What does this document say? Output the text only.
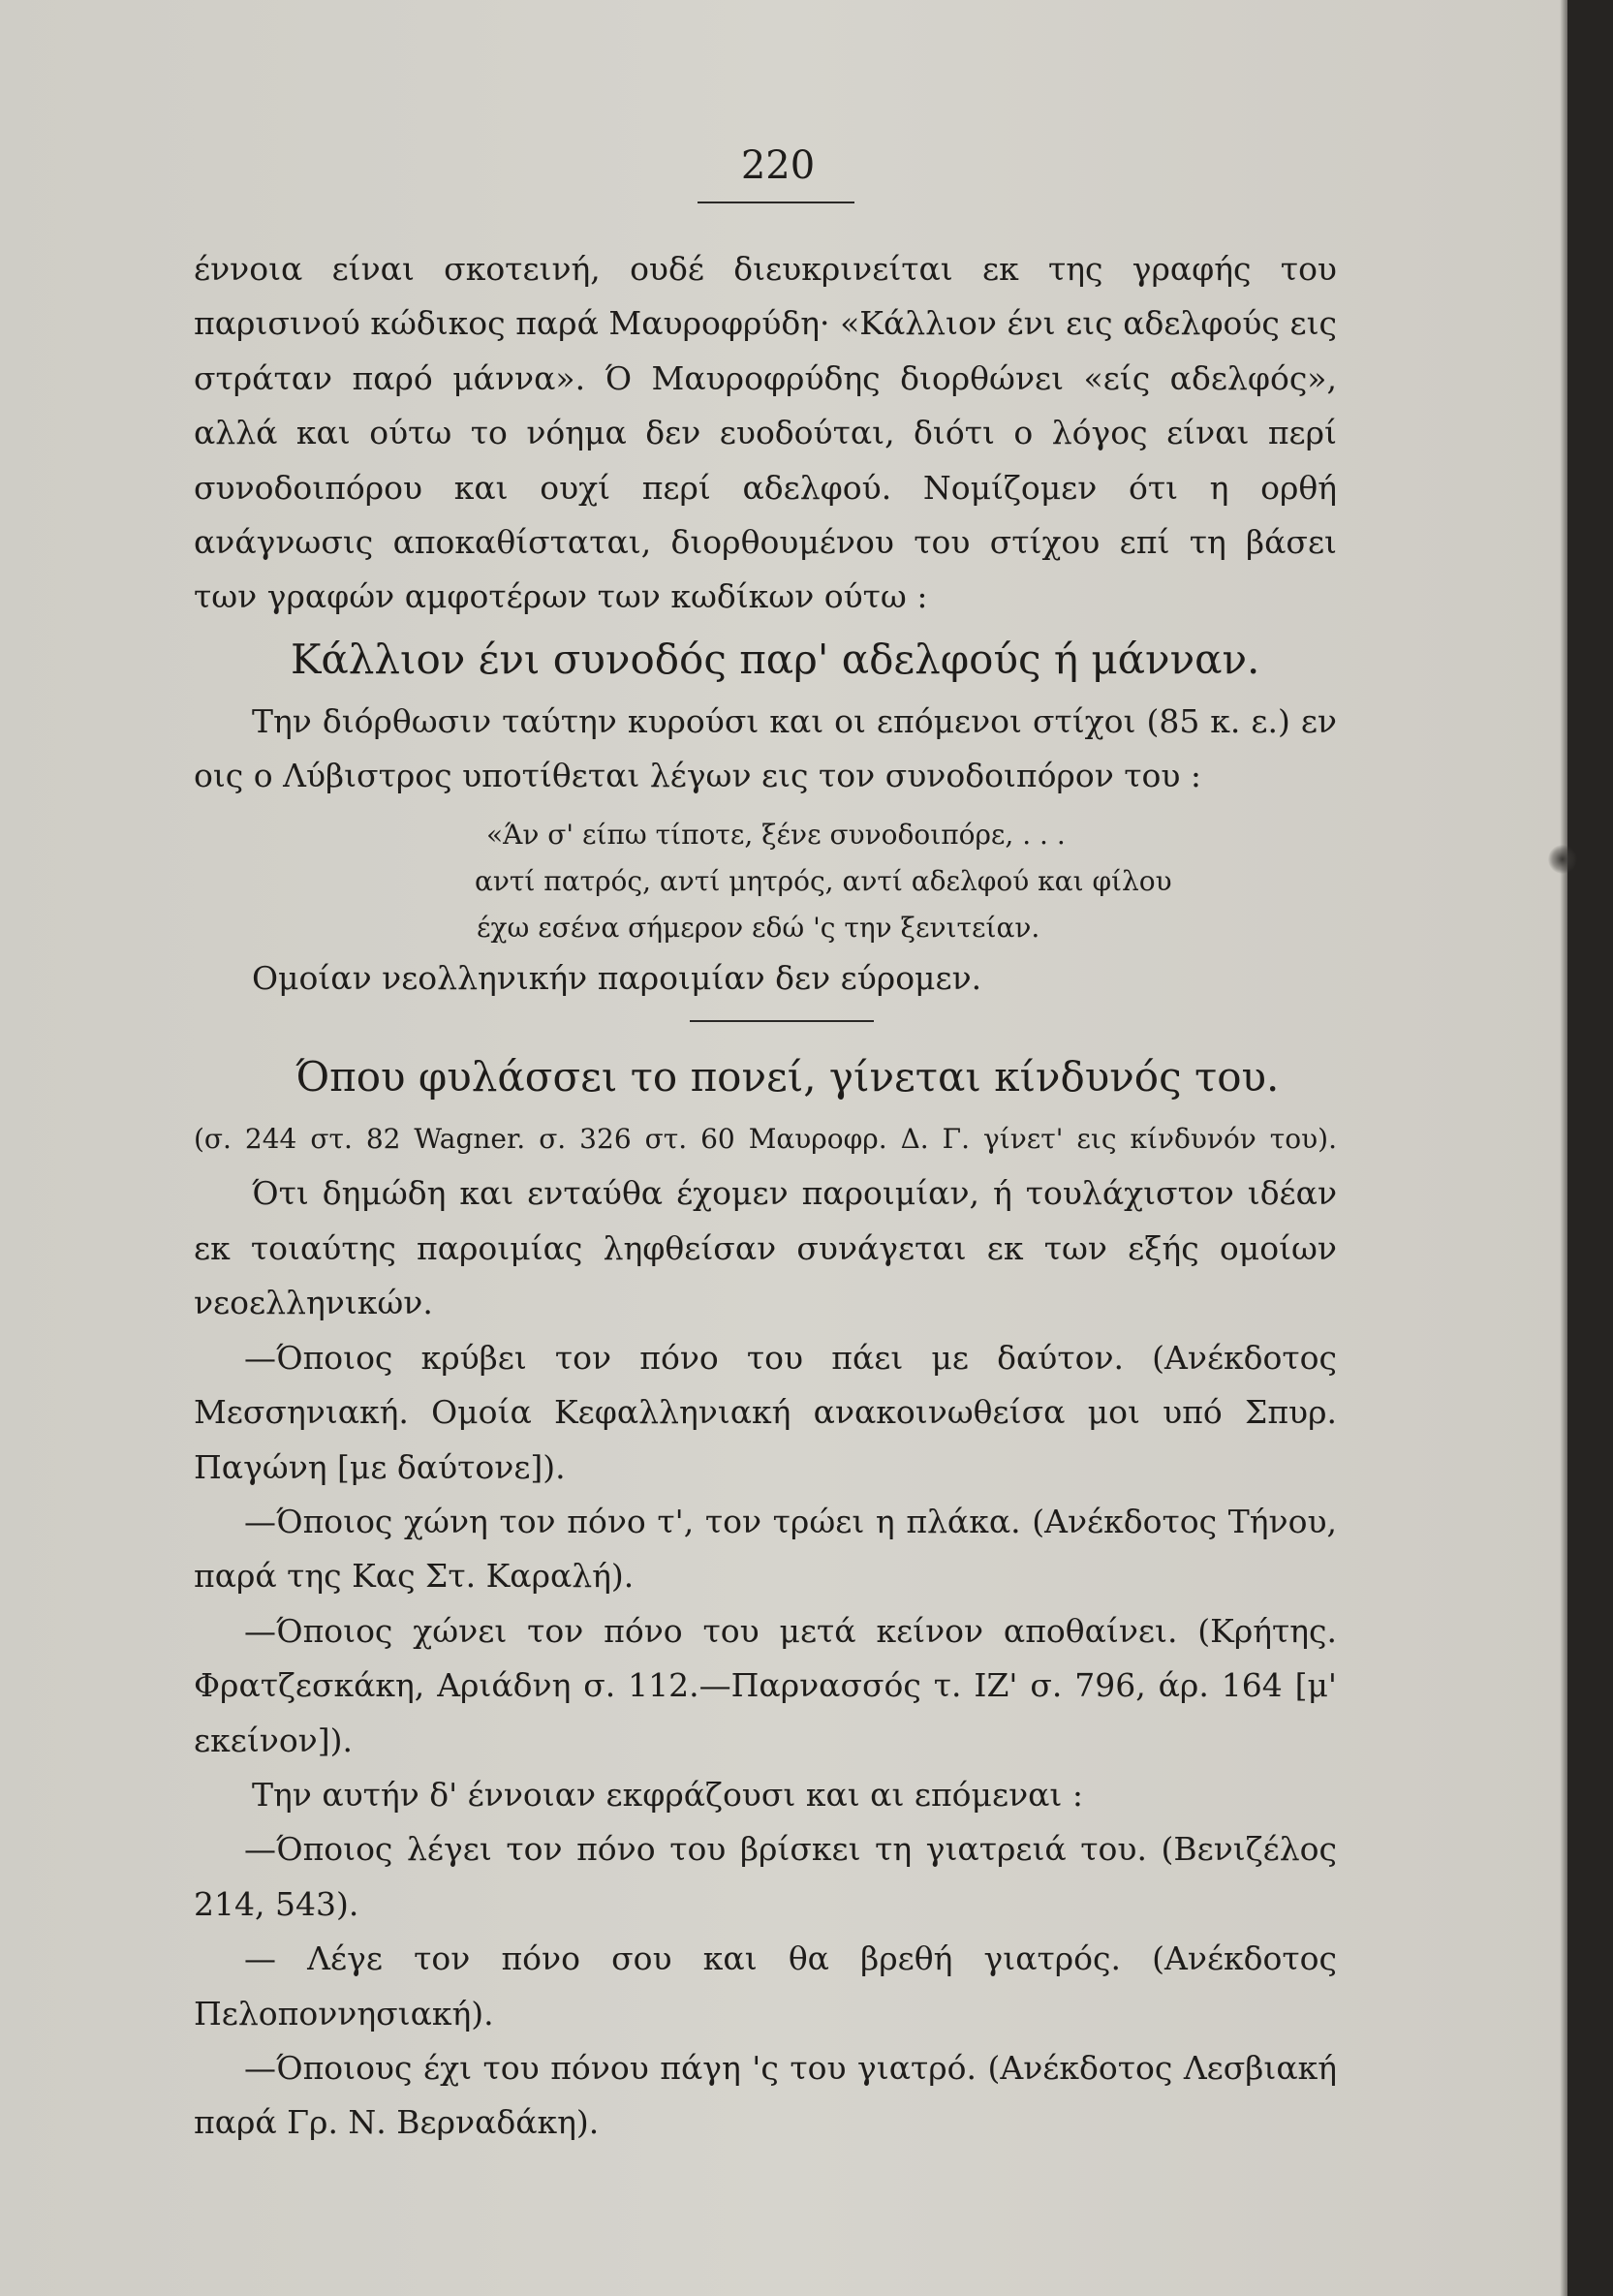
220

έννοια είναι σκοτεινή, ουδέ διευκρινείται εκ της γραφής του παρισινού κώδικος παρά Μαυροφρύδη· «Κάλλιον ένι εις αδελφούς εις στράταν παρό μάννα». Ό Μαυροφρύδης διορθώνει «είς αδελφός», αλλά και ούτω το νόημα δεν ευοδούται, διότι ο λόγος είναι περί συνοδοιπόρου και ουχί περί αδελφού. Νομίζομεν ότι η ορθή ανάγνωσις αποκαθίσταται, διορθουμένου του στίχου επί τη βάσει των γραφών αμφοτέρων των κωδίκων ούτω :

Κάλλιον ένι συνοδός παρ' αδελφούς ή μάνναν.

Την διόρθωσιν ταύτην κυρούσι και οι επόμενοι στίχοι (85 κ. ε.) εν οις ο Λύβιστρος υποτίθεται λέγων εις τον συνοδοιπόρον του :

«Άν σ' είπω τίποτε, ξένε συνοδοιπόρε, . . .

αντί πατρός, αντί μητρός, αντί αδελφού και φίλου

έχω εσένα σήμερον εδώ 'ς την ξενιτείαν.

Ομοίαν νεολληνικήν παροιμίαν δεν εύρομεν.

Όπου φυλάσσει το πονεί, γίνεται κίνδυνός του.

(σ. 244 στ. 82 Wagner. σ. 326 στ. 60 Μαυροφρ. Δ. Γ. γίνετ' εις κίνδυνόν του).

Ότι δημώδη και ενταύθα έχομεν παροιμίαν, ή τουλάχιστον ιδέαν εκ τοιαύτης παροιμίας ληφθείσαν συνάγεται εκ των εξής ομοίων νεοελληνικών.

—Όποιος κρύβει τον πόνο του πάει με δαύτον. (Ανέκδοτος Μεσσηνιακή. Ομοία Κεφαλληνιακή ανακοινωθείσα μοι υπό Σπυρ. Παγώνη [με δαύτονε]).

—Όποιος χώνη τον πόνο τ', τον τρώει η πλάκα. (Ανέκδοτος Τήνου, παρά της Κας Στ. Καραλή).

—Όποιος χώνει τον πόνο του μετά κείνον αποθαίνει. (Κρήτης. Φρατζεσκάκη, Αριάδνη σ. 112.—Παρνασσός τ. ΙΖ' σ. 796, άρ. 164 [μ' εκείνον]).

Την αυτήν δ' έννοιαν εκφράζουσι και αι επόμεναι :

—Όποιος λέγει τον πόνο του βρίσκει τη γιατρειά του. (Βενιζέλος 214, 543).

— Λέγε τον πόνο σου και θα βρεθή γιατρός. (Ανέκδοτος Πελοποννησιακή).

—Όποιους έχι του πόνου πάγη 'ς του γιατρό. (Ανέκδοτος Λεσβιακή παρά Γρ. Ν. Βερναδάκη).
